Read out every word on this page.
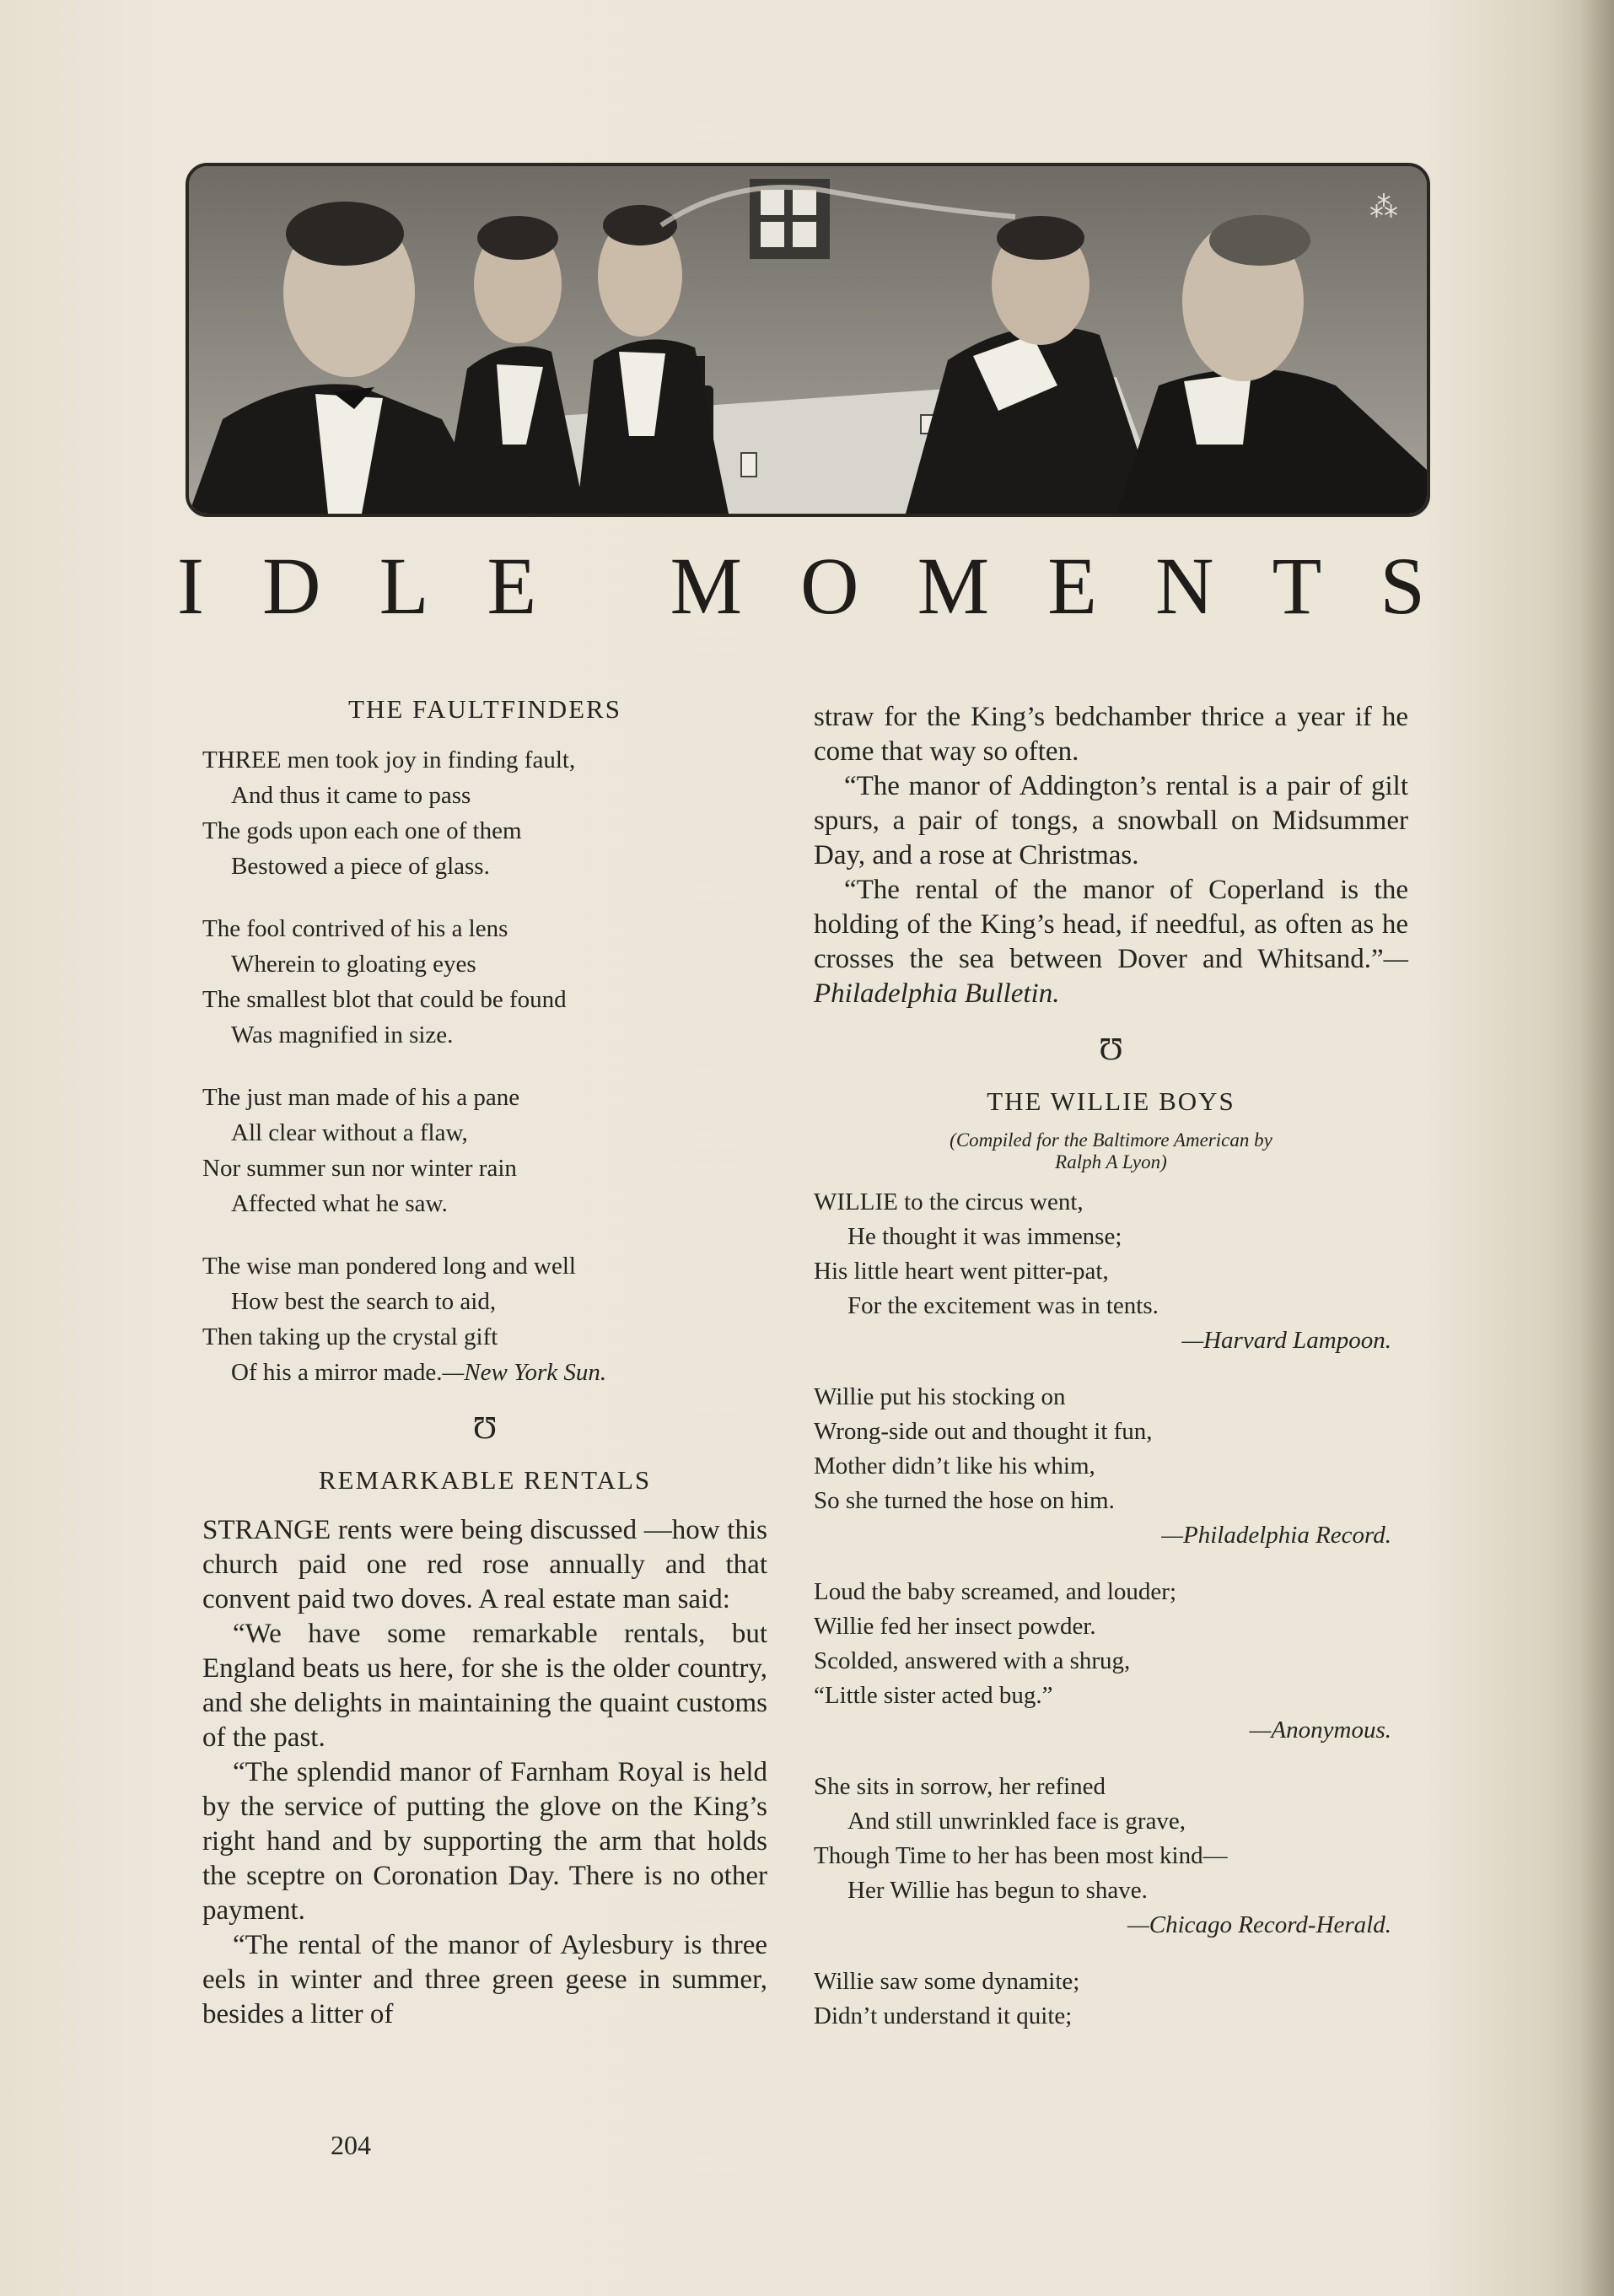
⁂
I D L E M O M E N T S
THE FAULTFINDERS
THREE men took joy in finding fault,
And thus it came to pass
The gods upon each one of them
Bestowed a piece of glass.
The fool contrived of his a lens
Wherein to gloating eyes
The smallest blot that could be found
Was magnified in size.
The just man made of his a pane
All clear without a flaw,
Nor summer sun nor winter rain
Affected what he saw.
The wise man pondered long and well
How best the search to aid,
Then taking up the crystal gift
Of his a mirror made.—New York Sun.
Ʊ
REMARKABLE RENTALS

STRANGE rents were being discussed —how this church paid one red rose annually and that convent paid two doves. A real estate man said:

“We have some remarkable rentals, but England beats us here, for she is the older country, and she delights in maintaining the quaint customs of the past.

“The splendid manor of Farnham Royal is held by the service of putting the glove on the King’s right hand and by supporting the arm that holds the sceptre on Coronation Day. There is no other payment.

“The rental of the manor of Aylesbury is three eels in winter and three green geese in summer, besides a litter of

straw for the King’s bedchamber thrice a year if he come that way so often.

“The manor of Addington’s rental is a pair of gilt spurs, a pair of tongs, a snowball on Midsummer Day, and a rose at Christmas.

“The rental of the manor of Coperland is the holding of the King’s head, if needful, as often as he crosses the sea between Dover and Whitsand.”—Philadelphia Bulletin.

Ʊ
THE WILLIE BOYS
(Compiled for the Baltimore American by
Ralph A Lyon)
WILLIE to the circus went,
He thought it was immense;
His little heart went pitter-pat,
For the excitement was in tents.
—Harvard Lampoon.
Willie put his stocking on
Wrong-side out and thought it fun,
Mother didn’t like his whim,
So she turned the hose on him.
—Philadelphia Record.
Loud the baby screamed, and louder;
Willie fed her insect powder.
Scolded, answered with a shrug,
“Little sister acted bug.”
—Anonymous.
She sits in sorrow, her refined
And still unwrinkled face is grave,
Though Time to her has been most kind—
Her Willie has begun to shave.
—Chicago Record-Herald.
Willie saw some dynamite;
Didn’t understand it quite;
204
